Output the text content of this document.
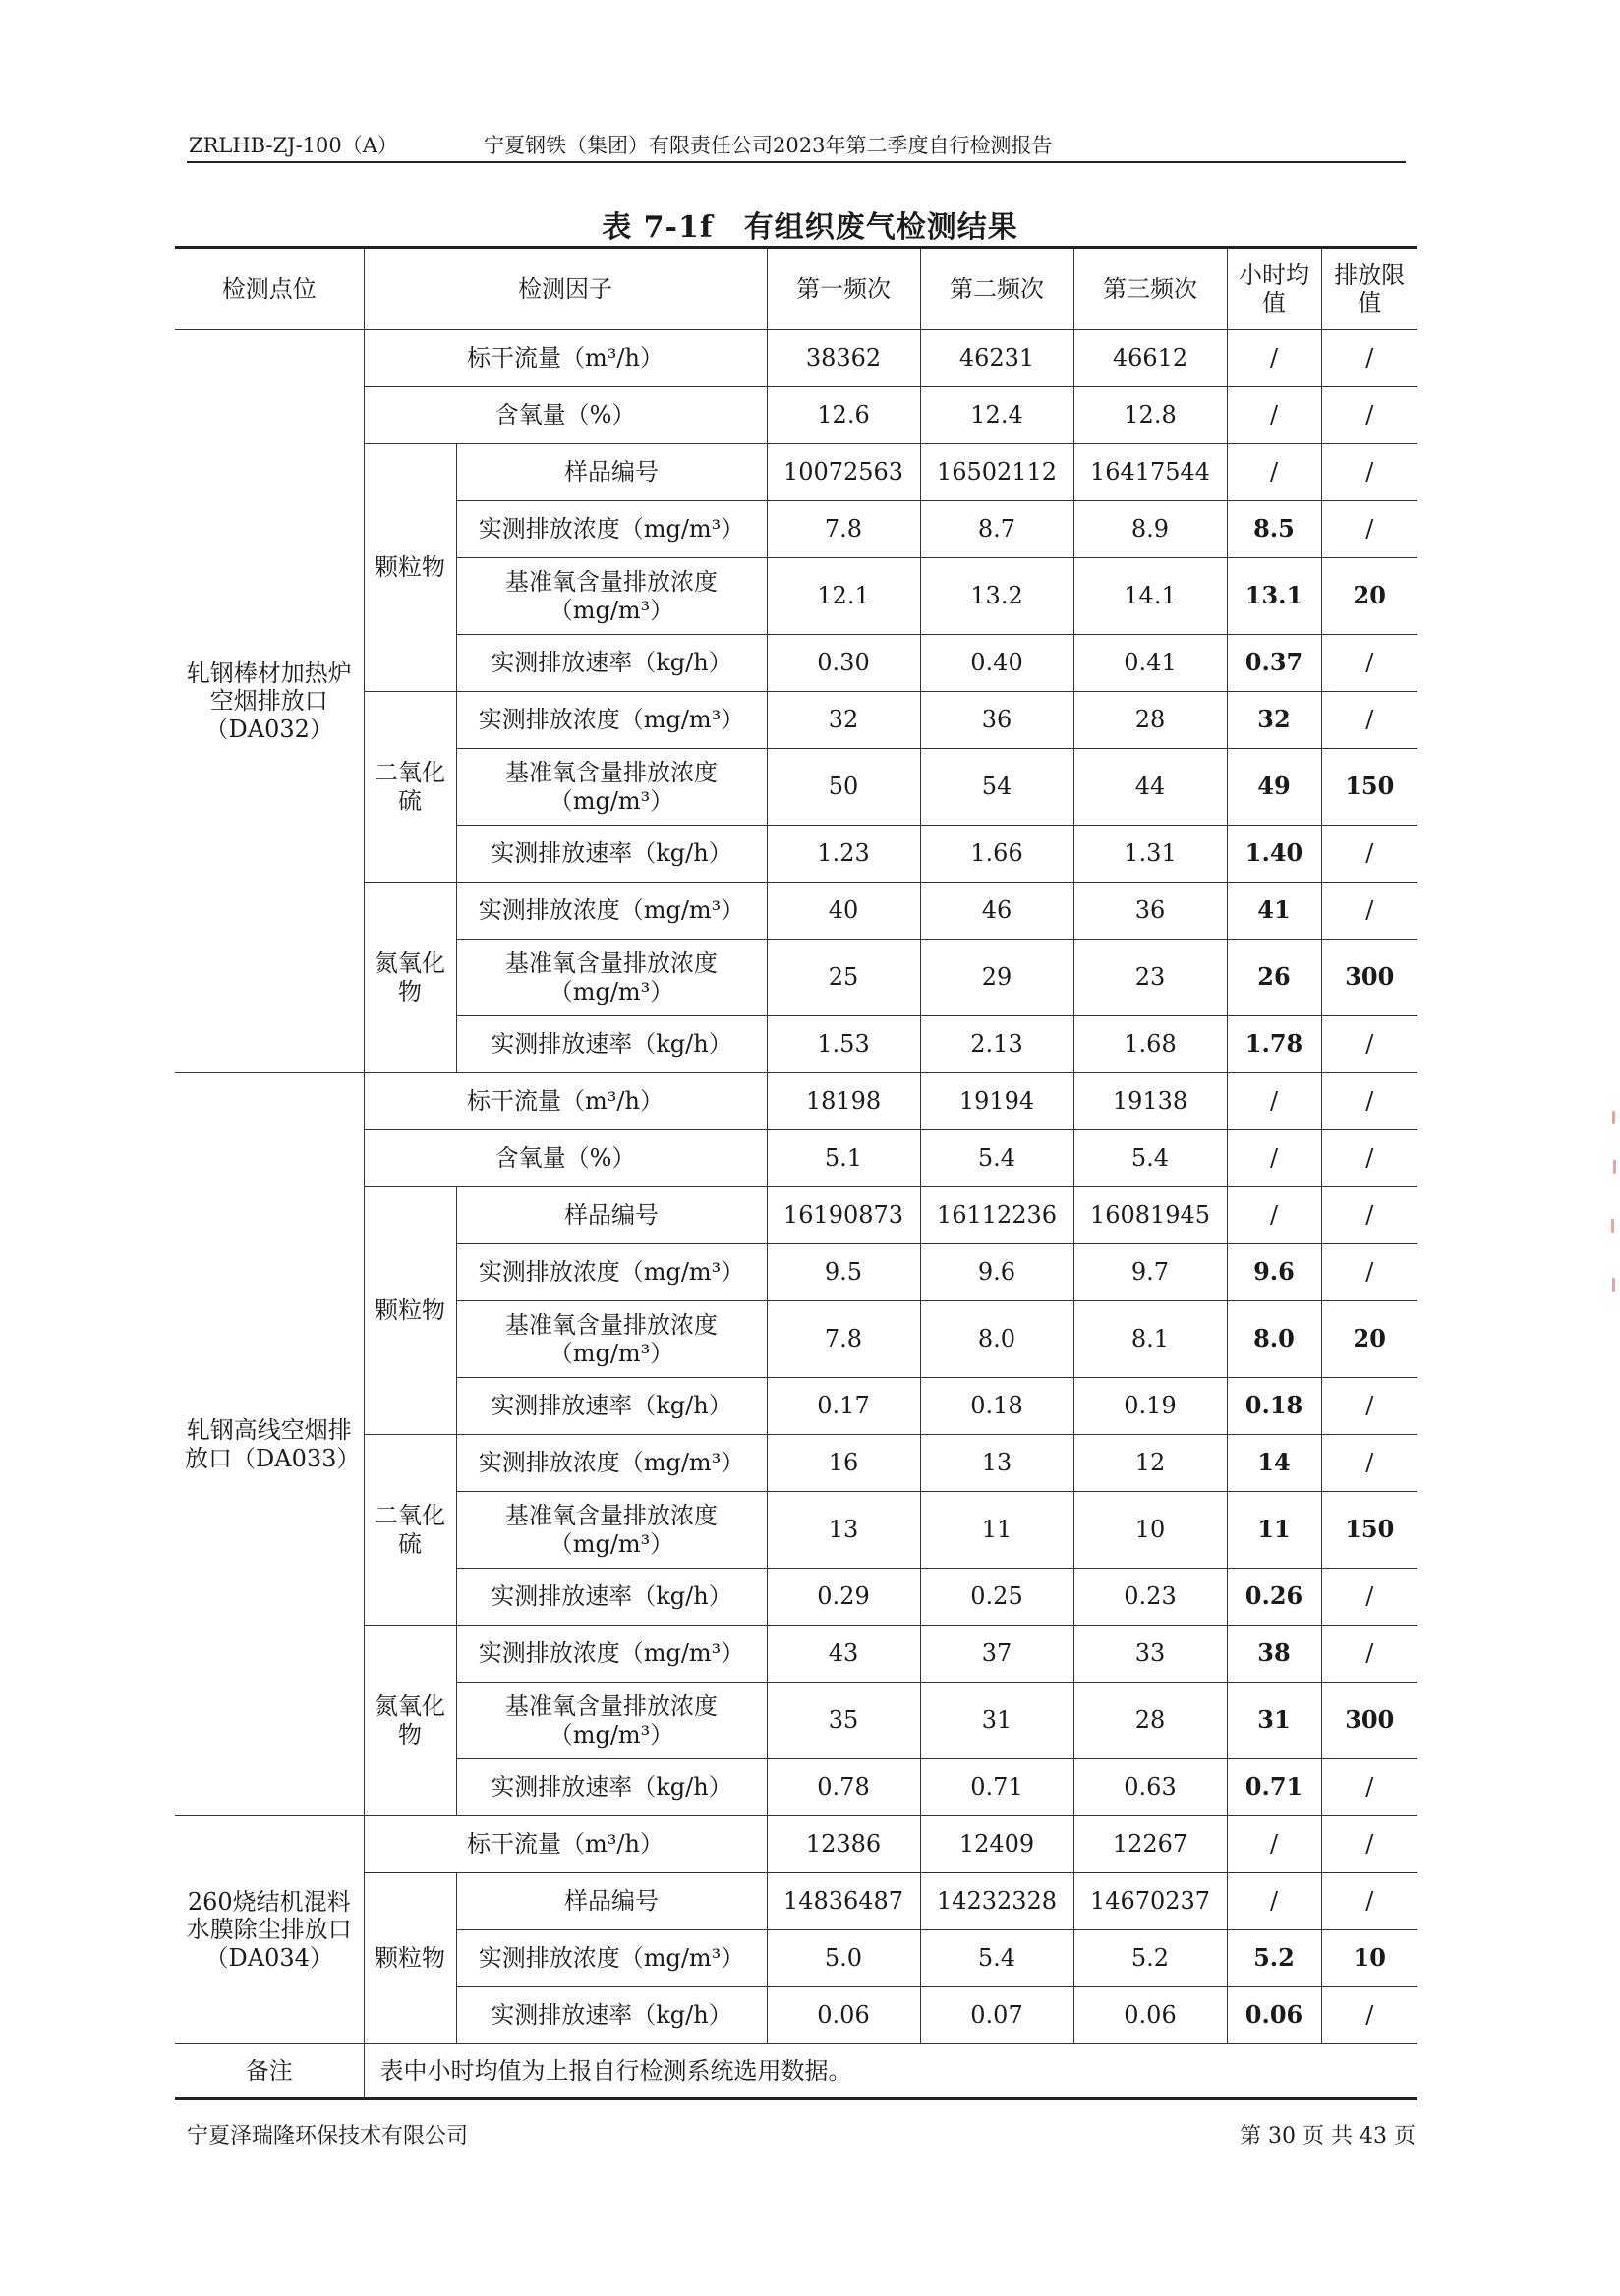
ZRLHB-ZJ-100（A）	宁夏钢铁（集团）有限责任公司2023年第二季度自行检测报告
表 7-1f　有组织废气检测结果
检测点位	检测因子		第一频次	第二频次	第三频次	小时均值	排放限值
轧钢棒材加热炉空烟排放口（DA032）	标干流量（m³/h）		38362	46231	46612	/	/
	含氧量（%）		12.6	12.4	12.8	/	/
	颗粒物	样品编号	10072563	16502112	16417544	/	/
		实测排放浓度（mg/m³）	7.8	8.7	8.9	8.5	/
		基准氧含量排放浓度（mg/m³）	12.1	13.2	14.1	13.1	20
		实测排放速率（kg/h）	0.30	0.40	0.41	0.37	/
	二氧化硫	实测排放浓度（mg/m³）	32	36	28	32	/
		基准氧含量排放浓度（mg/m³）	50	54	44	49	150
		实测排放速率（kg/h）	1.23	1.66	1.31	1.40	/
	氮氧化物	实测排放浓度（mg/m³）	40	46	36	41	/
		基准氧含量排放浓度（mg/m³）	25	29	23	26	300
		实测排放速率（kg/h）	1.53	2.13	1.68	1.78	/
轧钢高线空烟排放口（DA033）	标干流量（m³/h）		18198	19194	19138	/	/
	含氧量（%）		5.1	5.4	5.4	/	/
	颗粒物	样品编号	16190873	16112236	16081945	/	/
		实测排放浓度（mg/m³）	9.5	9.6	9.7	9.6	/
		基准氧含量排放浓度（mg/m³）	7.8	8.0	8.1	8.0	20
		实测排放速率（kg/h）	0.17	0.18	0.19	0.18	/
	二氧化硫	实测排放浓度（mg/m³）	16	13	12	14	/
		基准氧含量排放浓度（mg/m³）	13	11	10	11	150
		实测排放速率（kg/h）	0.29	0.25	0.23	0.26	/
	氮氧化物	实测排放浓度（mg/m³）	43	37	33	38	/
		基准氧含量排放浓度（mg/m³）	35	31	28	31	300
		实测排放速率（kg/h）	0.78	0.71	0.63	0.71	/
260烧结机混料水膜除尘排放口（DA034）	标干流量（m³/h）		12386	12409	12267	/	/
	颗粒物	样品编号	14836487	14232328	14670237	/	/
		实测排放浓度（mg/m³）	5.0	5.4	5.2	5.2	10
		实测排放速率（kg/h）	0.06	0.07	0.06	0.06	/
备注	表中小时均值为上报自行检测系统选用数据。						
宁夏泽瑞隆环保技术有限公司	第 30 页 共 43 页
